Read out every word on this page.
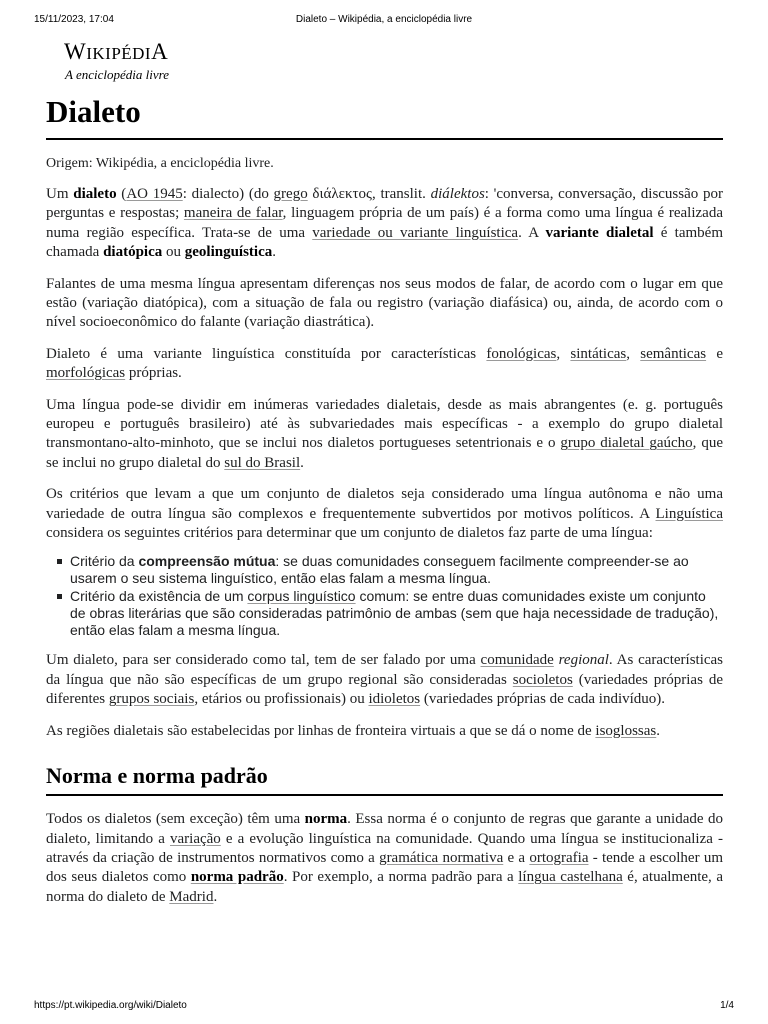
15/11/2023, 17:04	Dialeto – Wikipédia, a enciclopédia livre
WIKIPÉDIA
A enciclopédia livre
Dialeto
Origem: Wikipédia, a enciclopédia livre.

Um dialeto (AO 1945: dialecto) (do grego διάλεκτος, translit. diálektos: 'conversa, conversação, discussão por perguntas e respostas; maneira de falar, linguagem própria de um país) é a forma como uma língua é realizada numa região específica. Trata-se de uma variedade ou variante linguística. A variante dialetal é também chamada diatópica ou geolinguística.

Falantes de uma mesma língua apresentam diferenças nos seus modos de falar, de acordo com o lugar em que estão (variação diatópica), com a situação de fala ou registro (variação diafásica) ou, ainda, de acordo com o nível socioeconômico do falante (variação diastrática).

Dialeto é uma variante linguística constituída por características fonológicas, sintáticas, semânticas e morfológicas próprias.

Uma língua pode-se dividir em inúmeras variedades dialetais, desde as mais abrangentes (e. g. português europeu e português brasileiro) até às subvariedades mais específicas - a exemplo do grupo dialetal transmontano-alto-minhoto, que se inclui nos dialetos portugueses setentrionais e o grupo dialetal gaúcho, que se inclui no grupo dialetal do sul do Brasil.

Os critérios que levam a que um conjunto de dialetos seja considerado uma língua autônoma e não uma variedade de outra língua são complexos e frequentemente subvertidos por motivos políticos. A Linguística considera os seguintes critérios para determinar que um conjunto de dialetos faz parte de uma língua:

Critério da compreensão mútua: se duas comunidades conseguem facilmente compreender-se ao usarem o seu sistema linguístico, então elas falam a mesma língua.
Critério da existência de um corpus linguístico comum: se entre duas comunidades existe um conjunto de obras literárias que são consideradas patrimônio de ambas (sem que haja necessidade de tradução), então elas falam a mesma língua.

Um dialeto, para ser considerado como tal, tem de ser falado por uma comunidade regional. As características da língua que não são específicas de um grupo regional são consideradas socioletos (variedades próprias de diferentes grupos sociais, etários ou profissionais) ou idioletos (variedades próprias de cada indivíduo).

As regiões dialetais são estabelecidas por linhas de fronteira virtuais a que se dá o nome de isoglossas.

Norma e norma padrão

Todos os dialetos (sem exceção) têm uma norma. Essa norma é o conjunto de regras que garante a unidade do dialeto, limitando a variação e a evolução linguística na comunidade. Quando uma língua se institucionaliza - através da criação de instrumentos normativos como a gramática normativa e a ortografia - tende a escolher um dos seus dialetos como norma padrão. Por exemplo, a norma padrão para a língua castelhana é, atualmente, a norma do dialeto de Madrid.

https://pt.wikipedia.org/wiki/Dialeto	1/4
